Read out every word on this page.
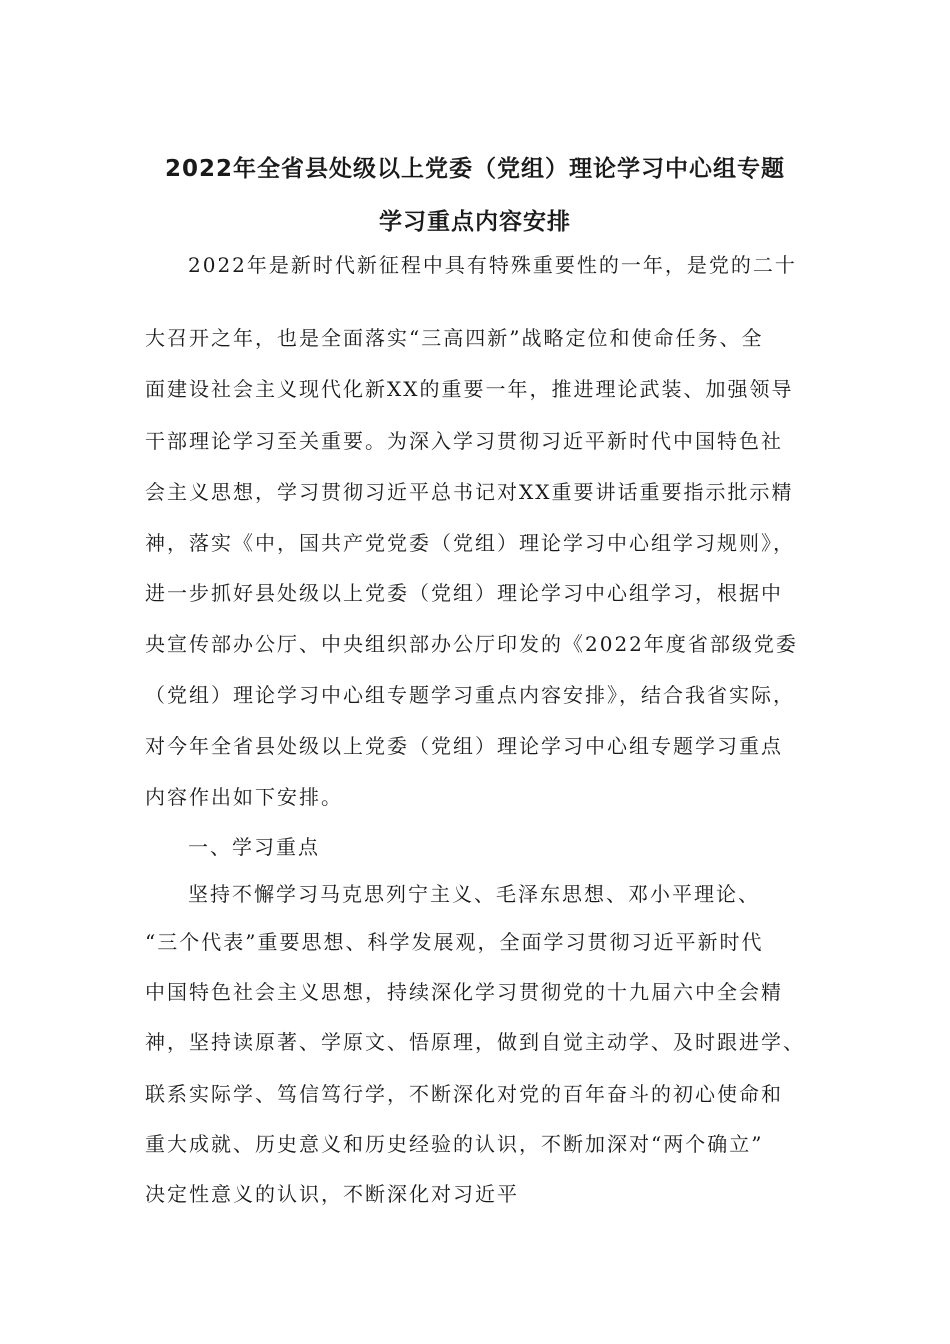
2022年全省县处级以上党委（党组）理论学习中心组专题
学习重点内容安排
2022年是新时代新征程中具有特殊重要性的一年，是党的二十
大召开之年，也是全面落实“三高四新”战略定位和使命任务、全
面建设社会主义现代化新XX的重要一年，推进理论武装、加强领导
干部理论学习至关重要。为深入学习贯彻习近平新时代中国特色社
会主义思想，学习贯彻习近平总书记对XX重要讲话重要指示批示精
神，落实《中，国共产党党委（党组）理论学习中心组学习规则》，
进一步抓好县处级以上党委（党组）理论学习中心组学习，根据中
央宣传部办公厅、中央组织部办公厅印发的《2022年度省部级党委
（党组）理论学习中心组专题学习重点内容安排》，结合我省实际，
对今年全省县处级以上党委（党组）理论学习中心组专题学习重点
内容作出如下安排。
一、学习重点
坚持不懈学习马克思列宁主义、毛泽东思想、邓小平理论、
“三个代表”重要思想、科学发展观，全面学习贯彻习近平新时代
中国特色社会主义思想，持续深化学习贯彻党的十九届六中全会精
神，坚持读原著、学原文、悟原理，做到自觉主动学、及时跟进学、
联系实际学、笃信笃行学，不断深化对党的百年奋斗的初心使命和
重大成就、历史意义和历史经验的认识，不断加深对“两个确立”
决定性意义的认识，不断深化对习近平
